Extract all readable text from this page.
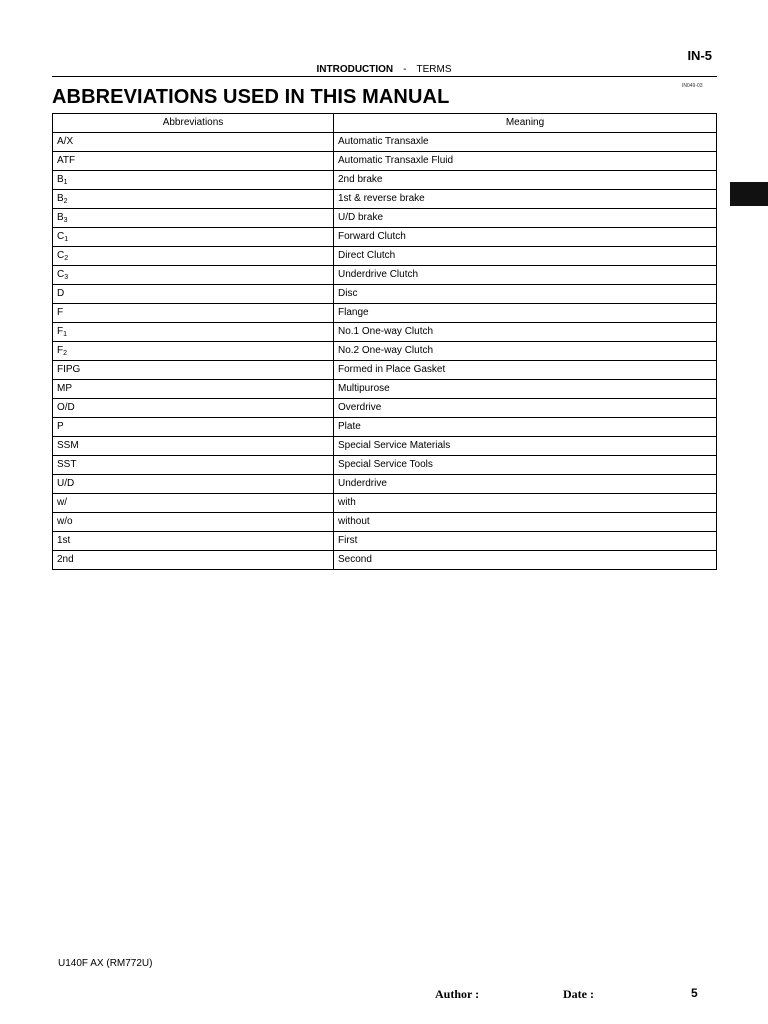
IN-5
INTRODUCTION - TERMS
IN049-03
ABBREVIATIONS USED IN THIS MANUAL
Abbreviations	Meaning
A/X	Automatic Transaxle
ATF	Automatic Transaxle Fluid
$B_1$	2nd brake
$B_2$	1st & reverse brake
$B_3$	U/D brake
$C_1$	Forward Clutch
$C_2$	Direct Clutch
$C_3$	Underdrive Clutch
D	Disc
F	Flange
$F_1$	No.1 One-way Clutch
$F_2$	No.2 One-way Clutch
FIPG	Formed in Place Gasket
MP	Multipurose
O/D	Overdrive
P	Plate
SSM	Special Service Materials
SST	Special Service Tools
U/D	Underdrive
w/	with
w/o	without
1st	First
2nd	Second
U140F AX (RM772U)
Author :	Date :	5
